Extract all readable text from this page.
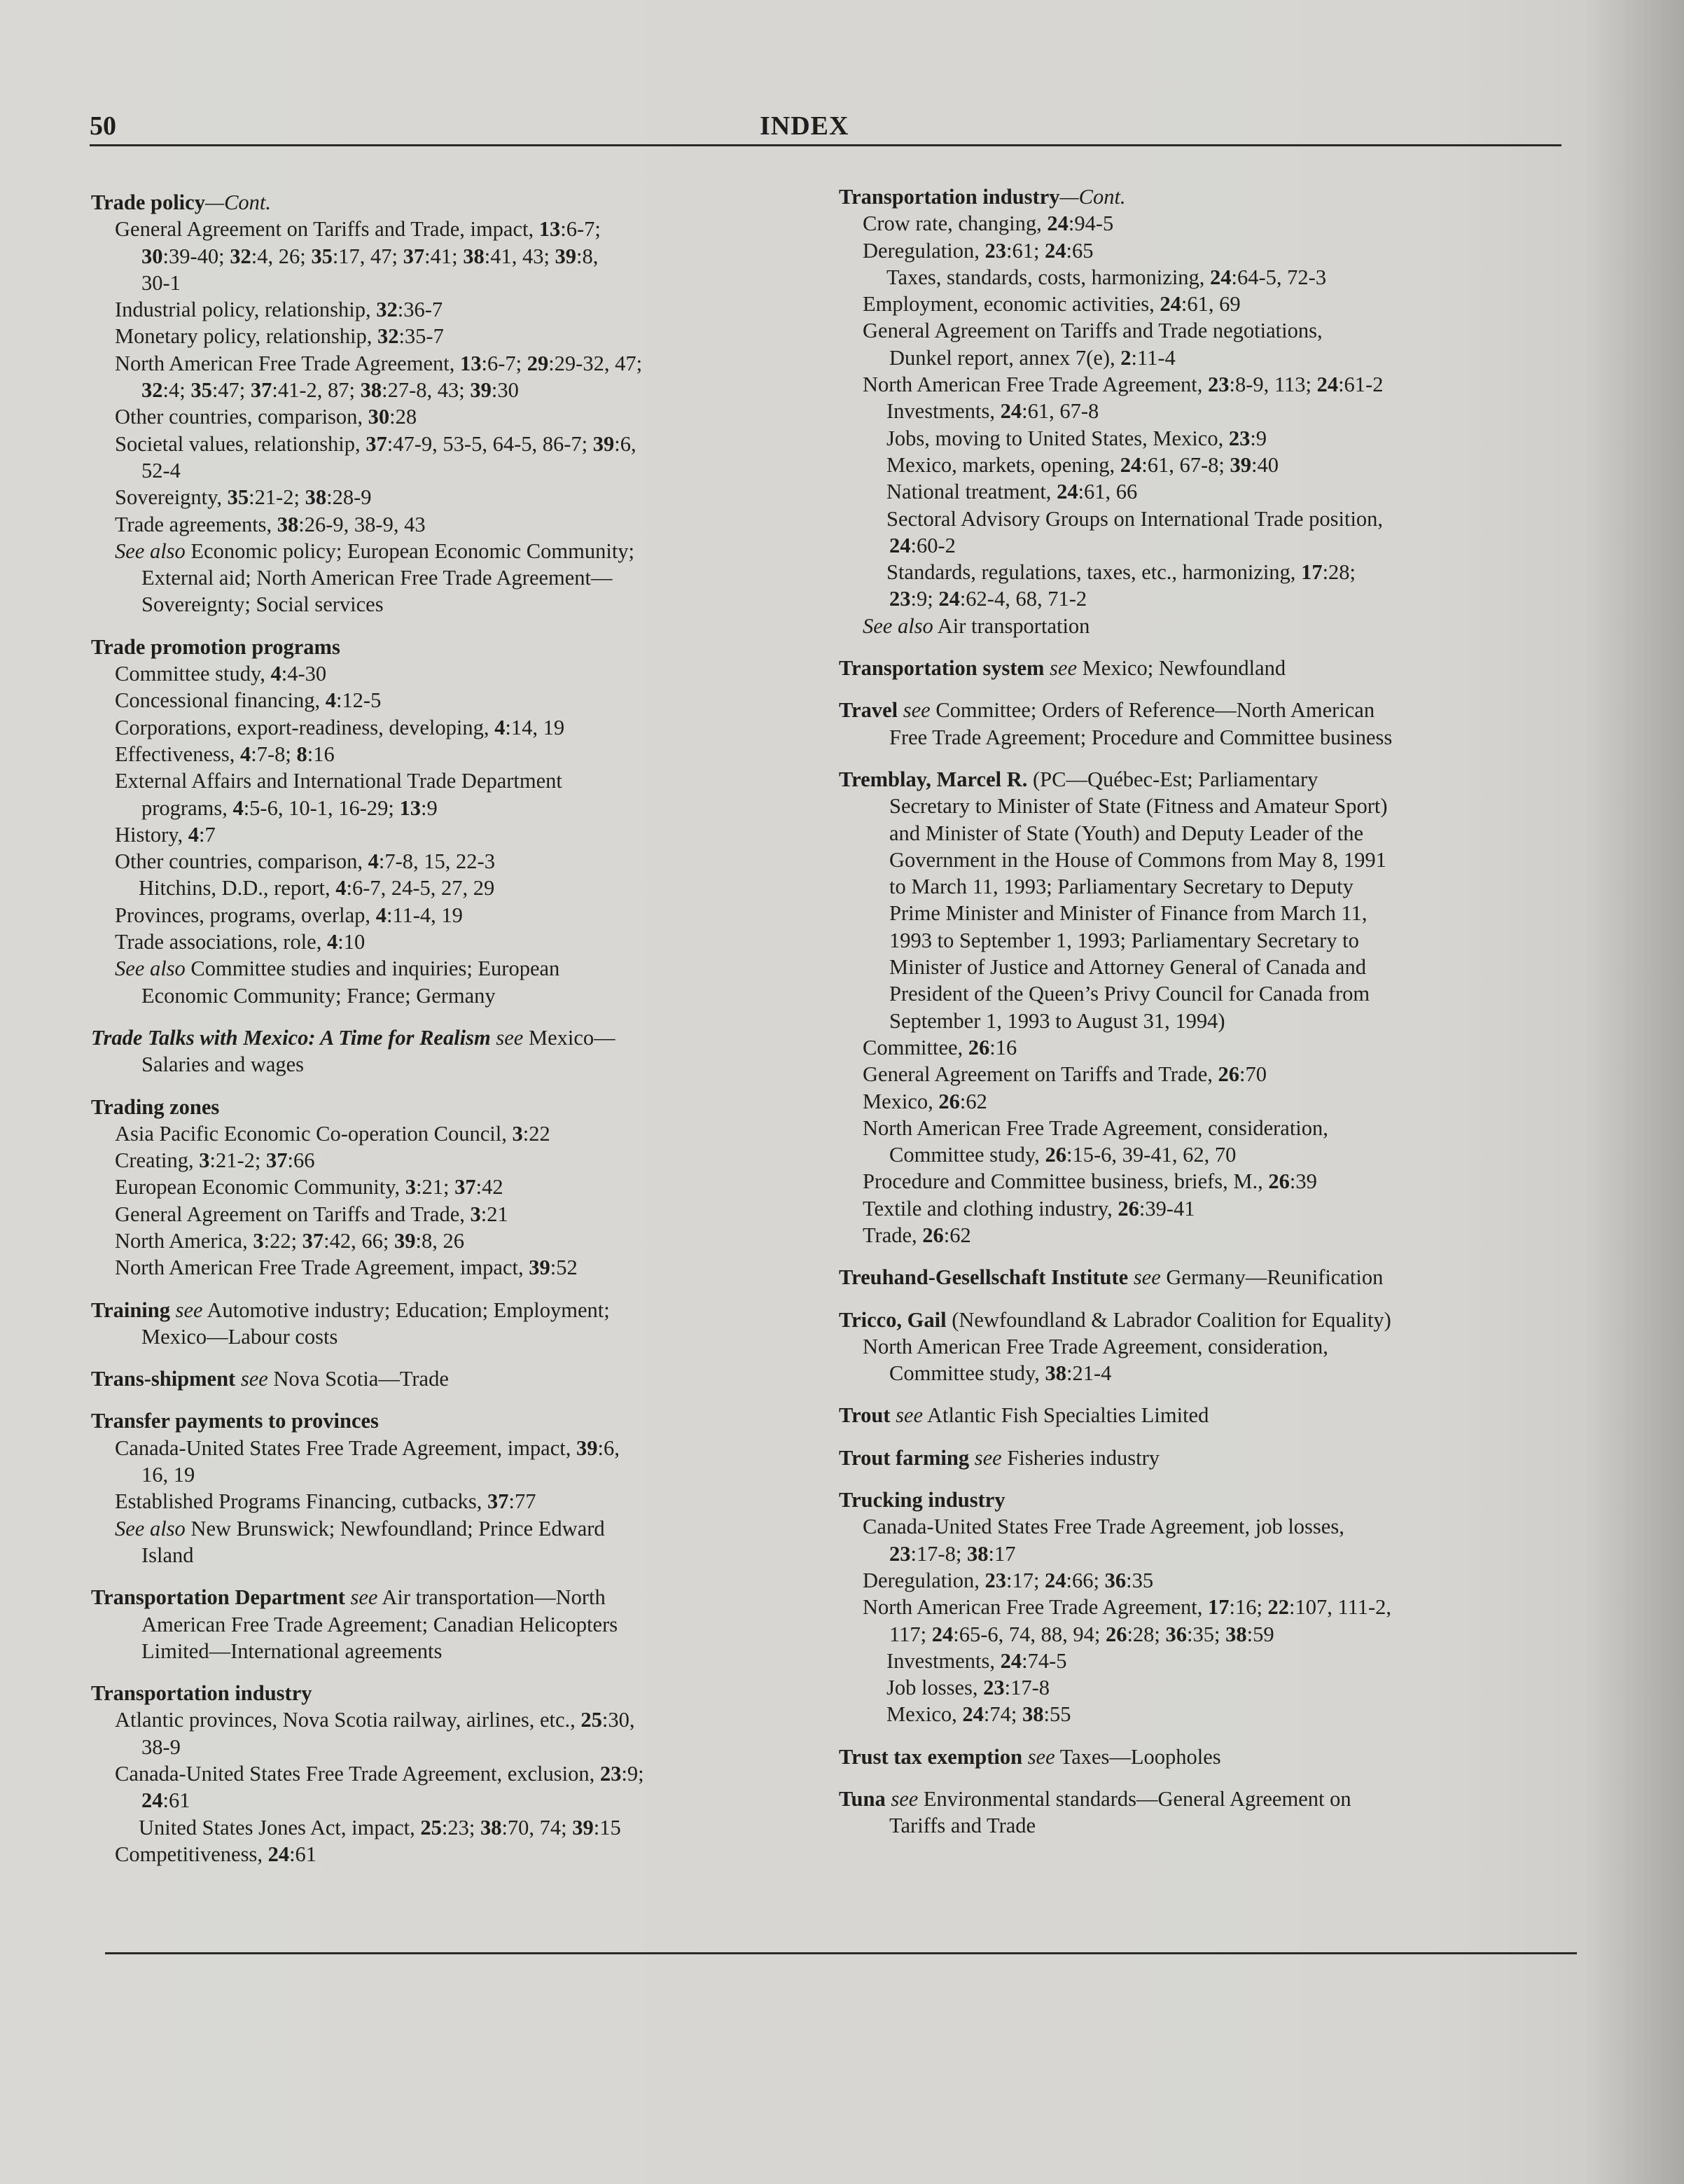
50	INDEX
Trade policy—Cont.
General Agreement on Tariffs and Trade, impact, 13:6-7;
30:39-40; 32:4, 26; 35:17, 47; 37:41; 38:41, 43; 39:8,
30-1
Industrial policy, relationship, 32:36-7
Monetary policy, relationship, 32:35-7
North American Free Trade Agreement, 13:6-7; 29:29-32, 47;
32:4; 35:47; 37:41-2, 87; 38:27-8, 43; 39:30
Other countries, comparison, 30:28
Societal values, relationship, 37:47-9, 53-5, 64-5, 86-7; 39:6,
52-4
Sovereignty, 35:21-2; 38:28-9
Trade agreements, 38:26-9, 38-9, 43
See also Economic policy; European Economic Community;
External aid; North American Free Trade Agreement—
Sovereignty; Social services
Trade promotion programs
Committee study, 4:4-30
Concessional financing, 4:12-5
Corporations, export-readiness, developing, 4:14, 19
Effectiveness, 4:7-8; 8:16
External Affairs and International Trade Department
programs, 4:5-6, 10-1, 16-29; 13:9
History, 4:7
Other countries, comparison, 4:7-8, 15, 22-3
Hitchins, D.D., report, 4:6-7, 24-5, 27, 29
Provinces, programs, overlap, 4:11-4, 19
Trade associations, role, 4:10
See also Committee studies and inquiries; European
Economic Community; France; Germany
Trade Talks with Mexico: A Time for Realism see Mexico—
Salaries and wages
Trading zones
Asia Pacific Economic Co-operation Council, 3:22
Creating, 3:21-2; 37:66
European Economic Community, 3:21; 37:42
General Agreement on Tariffs and Trade, 3:21
North America, 3:22; 37:42, 66; 39:8, 26
North American Free Trade Agreement, impact, 39:52
Training see Automotive industry; Education; Employment;
Mexico—Labour costs
Trans-shipment see Nova Scotia—Trade
Transfer payments to provinces
Canada-United States Free Trade Agreement, impact, 39:6,
16, 19
Established Programs Financing, cutbacks, 37:77
See also New Brunswick; Newfoundland; Prince Edward
Island
Transportation Department see Air transportation—North
American Free Trade Agreement; Canadian Helicopters
Limited—International agreements
Transportation industry
Atlantic provinces, Nova Scotia railway, airlines, etc., 25:30,
38-9
Canada-United States Free Trade Agreement, exclusion, 23:9;
24:61
United States Jones Act, impact, 25:23; 38:70, 74; 39:15
Competitiveness, 24:61
Transportation industry—Cont.
Crow rate, changing, 24:94-5
Deregulation, 23:61; 24:65
Taxes, standards, costs, harmonizing, 24:64-5, 72-3
Employment, economic activities, 24:61, 69
General Agreement on Tariffs and Trade negotiations,
Dunkel report, annex 7(e), 2:11-4
North American Free Trade Agreement, 23:8-9, 113; 24:61-2
Investments, 24:61, 67-8
Jobs, moving to United States, Mexico, 23:9
Mexico, markets, opening, 24:61, 67-8; 39:40
National treatment, 24:61, 66
Sectoral Advisory Groups on International Trade position,
24:60-2
Standards, regulations, taxes, etc., harmonizing, 17:28;
23:9; 24:62-4, 68, 71-2
See also Air transportation
Transportation system see Mexico; Newfoundland
Travel see Committee; Orders of Reference—North American
Free Trade Agreement; Procedure and Committee business
Tremblay, Marcel R. (PC—Québec-Est; Parliamentary
Secretary to Minister of State (Fitness and Amateur Sport)
and Minister of State (Youth) and Deputy Leader of the
Government in the House of Commons from May 8, 1991
to March 11, 1993; Parliamentary Secretary to Deputy
Prime Minister and Minister of Finance from March 11,
1993 to September 1, 1993; Parliamentary Secretary to
Minister of Justice and Attorney General of Canada and
President of the Queen’s Privy Council for Canada from
September 1, 1993 to August 31, 1994)
Committee, 26:16
General Agreement on Tariffs and Trade, 26:70
Mexico, 26:62
North American Free Trade Agreement, consideration,
Committee study, 26:15-6, 39-41, 62, 70
Procedure and Committee business, briefs, M., 26:39
Textile and clothing industry, 26:39-41
Trade, 26:62
Treuhand-Gesellschaft Institute see Germany—Reunification
Tricco, Gail (Newfoundland & Labrador Coalition for Equality)
North American Free Trade Agreement, consideration,
Committee study, 38:21-4
Trout see Atlantic Fish Specialties Limited
Trout farming see Fisheries industry
Trucking industry
Canada-United States Free Trade Agreement, job losses,
23:17-8; 38:17
Deregulation, 23:17; 24:66; 36:35
North American Free Trade Agreement, 17:16; 22:107, 111-2,
117; 24:65-6, 74, 88, 94; 26:28; 36:35; 38:59
Investments, 24:74-5
Job losses, 23:17-8
Mexico, 24:74; 38:55
Trust tax exemption see Taxes—Loopholes
Tuna see Environmental standards—General Agreement on
Tariffs and Trade
